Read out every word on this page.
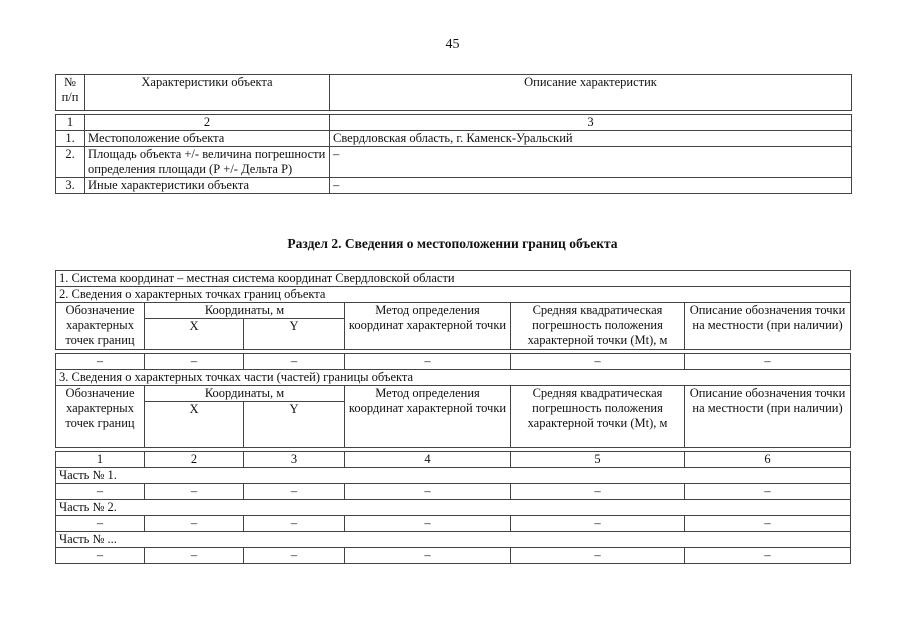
45
№ п/п	Характеристики объекта	Описание характеристик

1	2	3
1.	Местоположение объекта	Свердловская область, г. Каменск-Уральский
2.	Площадь объекта +/- величина погрешности определения площади (Р +/- Дельта Р)	–
3.	Иные характеристики объекта	–
Раздел 2. Сведения о местоположении границ объекта
1. Система координат – местная система координат Свердловской области					
2. Сведения о характерных точках границ объекта					
Обозначение характерных точек границ	Координаты, м		Метод определения координат характерной точки	Средняя квадратическая погрешность положения характерной точки (Mt), м	Описание обозначения точки на местности (при наличии)
	X	Y			

–	–	–	–	–	–
3. Сведения о характерных точках части (частей) границы объекта					
Обозначение характерных точек границ	Координаты, м		Метод определения координат характерной точки	Средняя квадратическая погрешность положения характерной точки (Mt), м	Описание обозначения точки на местности (при наличии)
	X	Y			

1	2	3	4	5	6
Часть № 1.					
–	–	–	–	–	–
Часть № 2.					
–	–	–	–	–	–
Часть № ...					
–	–	–	–	–	–
